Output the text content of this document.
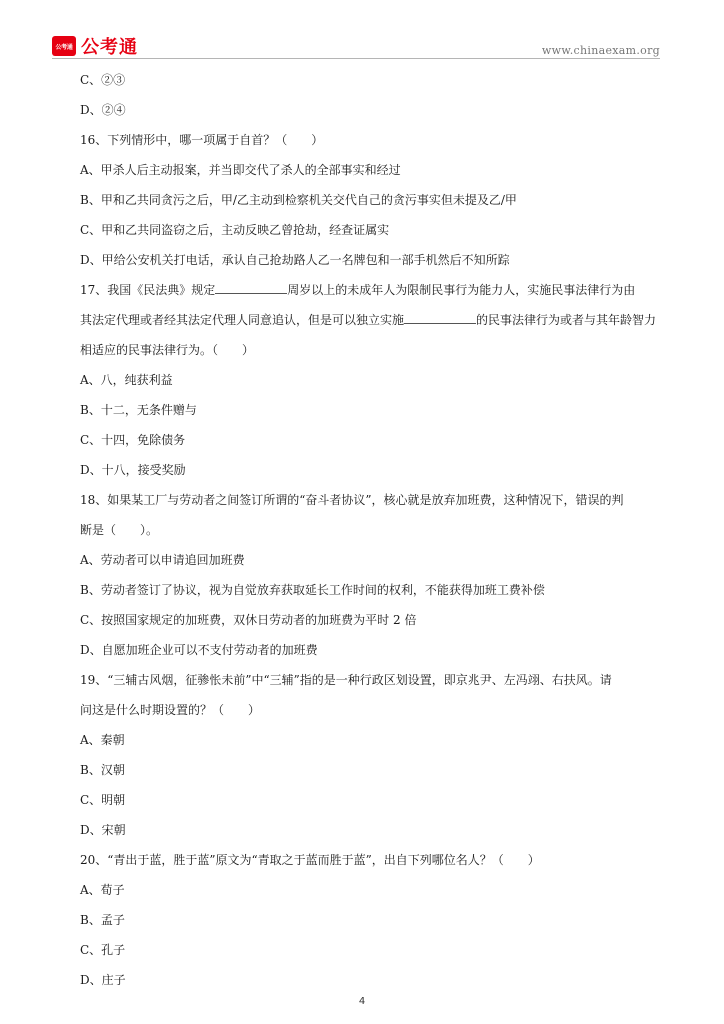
公考通 公考通	www.chinaexam.org
C、②③
D、②④
16、下列情形中，哪一项属于自首？（　　）
A、甲杀人后主动报案，并当即交代了杀人的全部事实和经过
B、甲和乙共同贪污之后，甲/乙主动到检察机关交代自己的贪污事实但未提及乙/甲
C、甲和乙共同盗窃之后，主动反映乙曾抢劫，经查证属实
D、甲给公安机关打电话，承认自己抢劫路人乙一名牌包和一部手机然后不知所踪
17、我国《民法典》规定	周岁以上的未成年人为限制民事行为能力人，实施民事法律行为由
其法定代理或者经其法定代理人同意追认，但是可以独立实施	的民事法律行为或者与其年龄智力
相适应的民事法律行为。（　　）
A、八，纯获利益
B、十二，无条件赠与
C、十四，免除债务
D、十八，接受奖励
18、如果某工厂与劳动者之间签订所谓的“奋斗者协议”，核心就是放弃加班费，这种情况下，错误的判
断是（　　）。
A、劳动者可以申请追回加班费
B、劳动者签订了协议，视为自觉放弃获取延长工作时间的权利，不能获得加班工费补偿
C、按照国家规定的加班费，双休日劳动者的加班费为平时 2 倍
D、自愿加班企业可以不支付劳动者的加班费
19、“三辅古风烟，征骖怅未前”中“三辅”指的是一种行政区划设置，即京兆尹、左冯翊、右扶风。请
问这是什么时期设置的？（　　）
A、秦朝
B、汉朝
C、明朝
D、宋朝
20、“青出于蓝，胜于蓝”原文为“青取之于蓝而胜于蓝”，出自下列哪位名人？（　　）
A、荀子
B、孟子
C、孔子
D、庄子
4
